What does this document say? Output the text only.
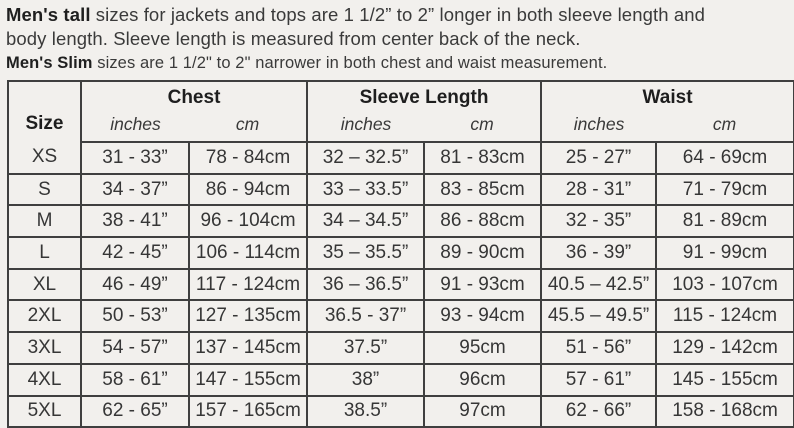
Men's tall sizes for jackets and tops are 1 1/2” to 2” longer in both sleeve length and
body length. Sleeve length is measured from center back of the neck.
Men's Slim sizes are 1 1/2" to 2" narrower in both chest and waist measurement.
Size	Chest		Sleeve Length		Waist	
	inches	cm	inches	cm	inches	cm
XS	31 - 33”	78 - 84cm	32 – 32.5”	81 - 83cm	25 - 27”	64 - 69cm
S	34 - 37”	86 - 94cm	33 – 33.5”	83 - 85cm	28 - 31”	71 - 79cm
M	38 - 41”	96 - 104cm	34 – 34.5”	86 - 88cm	32 - 35”	81 - 89cm
L	42 - 45”	106 - 114cm	35 – 35.5”	89 - 90cm	36 - 39”	91 - 99cm
XL	46 - 49”	117 - 124cm	36 – 36.5”	91 - 93cm	40.5 – 42.5”	103 - 107cm
2XL	50 - 53”	127 - 135cm	36.5 - 37”	93 - 94cm	45.5 – 49.5”	115 - 124cm
3XL	54 - 57”	137 - 145cm	37.5”	95cm	51 - 56”	129 - 142cm
4XL	58 - 61”	147 - 155cm	38”	96cm	57 - 61”	145 - 155cm
5XL	62 - 65”	157 - 165cm	38.5”	97cm	62 - 66”	158 - 168cm
